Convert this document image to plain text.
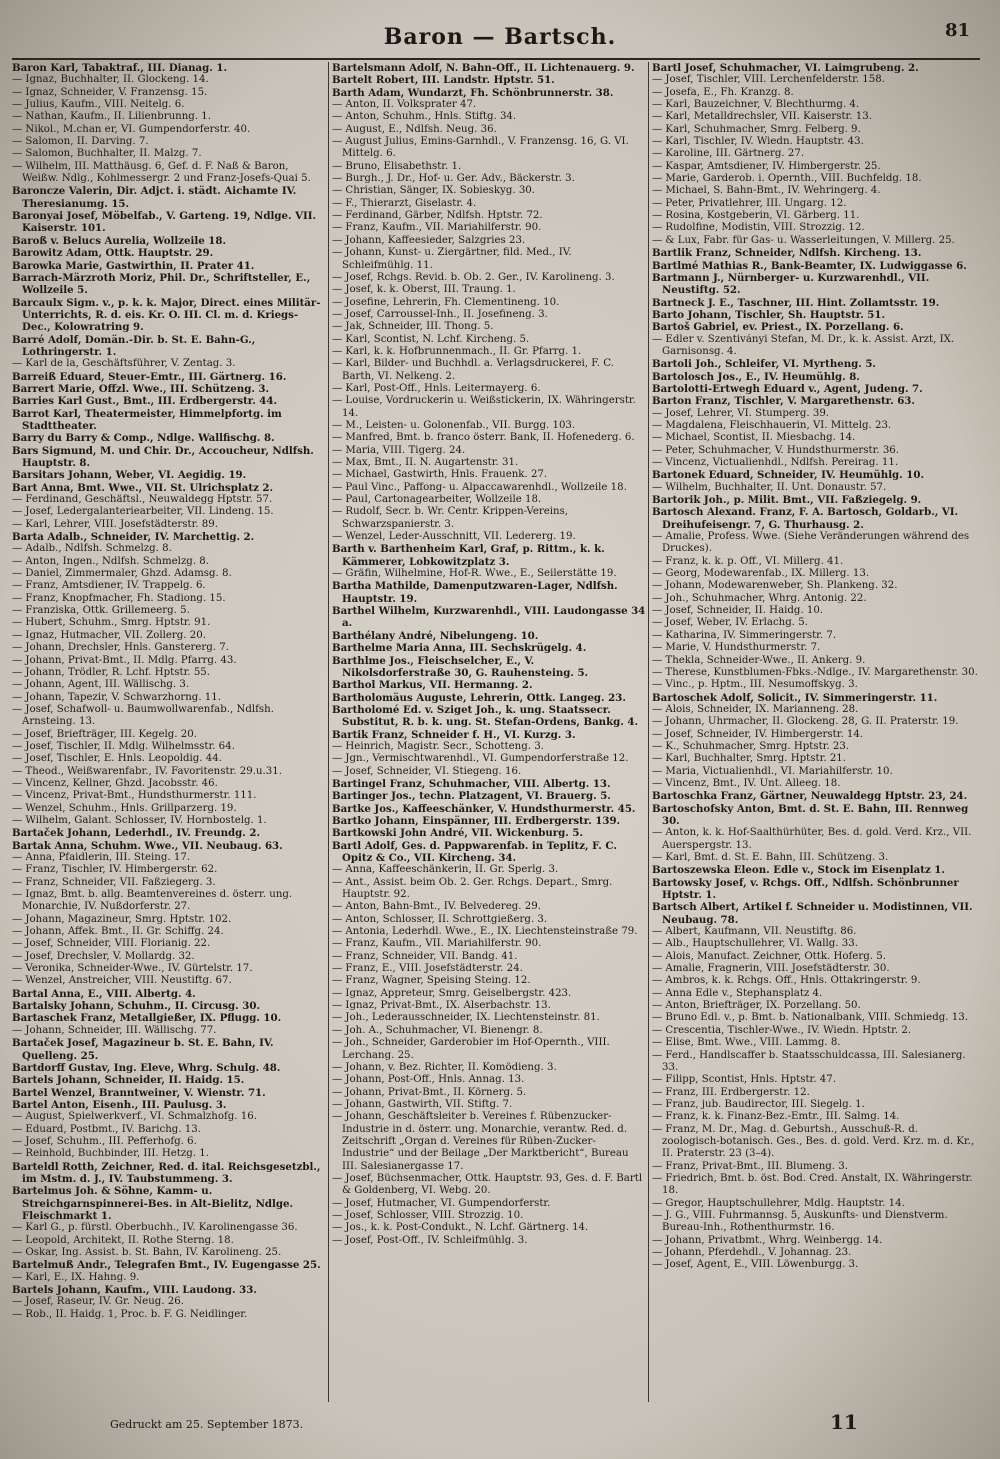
Baron — Bartsch.	81

Baron Karl, Tabaktraf., III. Dianag. 1.

— Ignaz, Buchhalter, II. Glockeng. 14.

— Ignaz, Schneider, V. Franzensg. 15.

— Julius, Kaufm., VIII. Neitelg. 6.

— Nathan, Kaufm., II. Lilienbrunng. 1.

— Nikol., M.chan er, VI. Gumpendorferstr. 40.

— Salomon, II. Darving. 7.

— Salomon, Buchhalter, II. Malzg. 7.

— Wilhelm, III. Matthäusg. 6, Gef. d. F. Naß & Baron, Weißw. Ndlg., Kohlmessergr. 2 und Franz-Josefs-Quai 5.

Baroncze Valerin, Dir. Adjct. i. städt. Aichamte IV. Theresianumg. 15.

Baronyai Josef, Möbelfab., V. Garteng. 19, Ndlge. VII. Kaiserstr. 101.

Baroß v. Belucs Aurelia, Wollzeile 18.

Barowitz Adam, Ottk. Hauptstr. 29.

Barowka Marie, Gastwirthin, II. Prater 41.

Barrach-Märzroth Moriz, Phil. Dr., Schriftsteller, E., Wollzeile 5.

Barcaulx Sigm. v., p. k. k. Major, Direct. eines Militär-Unterrichts, R. d. eis. Kr. O. III. Cl. m. d. Kriegs-Dec., Kolowratring 9.

Barré Adolf, Domän.-Dir. b. St. E. Bahn-G., Lothringerstr. 1.

— Karl de la, Geschäftsführer, V. Zentag. 3.

Barreiß Eduard, Steuer-Emtr., III. Gärtnerg. 16.

Barrert Marie, Offzl. Wwe., III. Schützeng. 3.

Barries Karl Gust., Bmt., III. Erdbergerstr. 44.

Barrot Karl, Theatermeister, Himmelpfortg. im Stadttheater.

Barry du Barry & Comp., Ndlge. Wallfischg. 8.

Bars Sigmund, M. und Chir. Dr., Accoucheur, Ndlfsh. Hauptstr. 8.

Barsitars Johann, Weber, VI. Aegidig. 19.

Bart Anna, Bmt. Wwe., VII. St. Ulrichsplatz 2.

— Ferdinand, Geschäftsl., Neuwaldegg Hptstr. 57.

— Josef, Ledergalanteriearbeiter, VII. Lindeng. 15.

— Karl, Lehrer, VIII. Josefstädterstr. 89.

Barta Adalb., Schneider, IV. Marchettig. 2.

— Adalb., Ndlfsh. Schmelzg. 8.

— Anton, Ingen., Ndlfsh. Schmelzg. 8.

— Daniel, Zimmermaler, Ghzd. Adamsg. 8.

— Franz, Amtsdiener, IV. Trappelg. 6.

— Franz, Knopfmacher, Fh. Stadiong. 15.

— Franziska, Ottk. Grillemeerg. 5.

— Hubert, Schuhm., Smrg. Hptstr. 91.

— Ignaz, Hutmacher, VII. Zollerg. 20.

— Johann, Drechsler, Hnls. Ganstererg. 7.

— Johann, Privat-Bmt., II. Mdlg. Pfarrg. 43.

— Johann, Trödler, R. Lchf. Hptstr. 55.

— Johann, Agent, III. Wällischg. 3.

— Johann, Tapezir, V. Schwarzhorng. 11.

— Josef, Schafwoll- u. Baumwollwarenfab., Ndlfsh. Arnsteing. 13.

— Josef, Briefträger, III. Kegelg. 20.

— Josef, Tischler, II. Mdlg. Wilhelmsstr. 64.

— Josef, Tischler, E. Hnls. Leopoldig. 44.

— Theod., Weißwarenfabr., IV. Favoritenstr. 29.u.31.

— Vincenz, Kellner, Ghzd. Jacobsstr. 46.

— Vincenz, Privat-Bmt., Hundsthurmerstr. 111.

— Wenzel, Schuhm., Hnls. Grillparzerg. 19.

— Wilhelm, Galant. Schlosser, IV. Hornbostelg. 1.

Bartaček Johann, Lederhdl., IV. Freundg. 2.

Bartak Anna, Schuhm. Wwe., VII. Neubaug. 63.

— Anna, Pfaidlerin, III. Steing. 17.

— Franz, Tischler, IV. Himbergerstr. 62.

— Franz, Schneider, VII. Faßziegerg. 3.

— Ignaz, Bmt. b. allg. Beamtenvereines d. österr. ung. Monarchie, IV. Nußdorferstr. 27.

— Johann, Magazineur, Smrg. Hptstr. 102.

— Johann, Affek. Bmt., II. Gr. Schiffg. 24.

— Josef, Schneider, VIII. Florianig. 22.

— Josef, Drechsler, V. Mollardg. 32.

— Veronika, Schneider-Wwe., IV. Gürtelstr. 17.

— Wenzel, Anstreicher, VIII. Neustiftg. 67.

Bartal Anna, E., VIII. Albertg. 4.

Bartalsky Johann, Schuhm., II. Circusg. 30.

Bartaschek Franz, Metallgießer, IX. Pflugg. 10.

— Johann, Schneider, III. Wällischg. 77.

Bartaček Josef, Magazineur b. St. E. Bahn, IV. Quelleng. 25.

Bartdorff Gustav, Ing. Eleve, Whrg. Schulg. 48.

Bartels Johann, Schneider, II. Haidg. 15.

Bartel Wenzel, Branntweiner, V. Wienstr. 71.

Bartel Anton, Eisenh., III. Paulusg. 3.

— August, Spielwerkverf., VI. Schmalzhofg. 16.

— Eduard, Postbmt., IV. Barichg. 13.

— Josef, Schuhm., III. Pefferhofg. 6.

— Reinhold, Buchbinder, III. Hetzg. 1.

Barteldl Rotth, Zeichner, Red. d. ital. Reichsgesetzbl., im Mstm. d. J., IV. Taubstummeng. 3.

Bartelmus Joh. & Söhne, Kamm- u. Streichgarnspinnerei-Bes. in Alt-Bielitz, Ndlge. Fleischmarkt 1.

— Karl G., p. fürstl. Oberbuchh., IV. Karolinengasse 36.

— Leopold, Architekt, II. Rothe Sterng. 18.

— Oskar, Ing. Assist. b. St. Bahn, IV. Karolineng. 25.

Bartelmuß Andr., Telegrafen Bmt., IV. Eugengasse 25.

— Karl, E., IX. Hahng. 9.

Bartels Johann, Kaufm., VIII. Laudong. 33.

— Josef, Raseur, IV. Gr. Neug. 26.

— Rob., II. Haidg. 1, Proc. b. F. G. Neidlinger.

Bartelsmann Adolf, N. Bahn-Off., II. Lichtenauerg. 9.

Bartelt Robert, III. Landstr. Hptstr. 51.

Barth Adam, Wundarzt, Fh. Schönbrunnerstr. 38.

— Anton, II. Volksprater 47.

— Anton, Schuhm., Hnls. Stiftg. 34.

— August, E., Ndlfsh. Neug. 36.

— August Julius, Emins-Garnhdl., V. Franzensg. 16, G. VI. Mittelg. 6.

— Bruno, Elisabethstr. 1.

— Burgh., J. Dr., Hof- u. Ger. Adv., Bäckerstr. 3.

— Christian, Sänger, IX. Sobieskyg. 30.

— F., Thierarzt, Giselastr. 4.

— Ferdinand, Gärber, Ndlfsh. Hptstr. 72.

— Franz, Kaufm., VII. Mariahilferstr. 90.

— Johann, Kaffeesieder, Salzgries 23.

— Johann, Kunst- u. Ziergärtner, fild. Med., IV. Schleifmühlg. 11.

— Josef, Rchgs. Revid. b. Ob. 2. Ger., IV. Karolineng. 3.

— Josef, k. k. Oberst, III. Traung. 1.

— Josefine, Lehrerin, Fh. Clementineng. 10.

— Josef, Carroussel-Inh., II. Josefineng. 3.

— Jak, Schneider, III. Thong. 5.

— Karl, Scontist, N. Lchf. Kircheng. 5.

— Karl, k. k. Hofbrunnenmach., II. Gr. Pfarrg. 1.

— Karl, Bilder- und Buchhdl. a. Verlagsdruckerei, F. C. Barth, VI. Nelkeng. 2.

— Karl, Post-Off., Hnls. Leitermayerg. 6.

— Louise, Vordruckerin u. Weißstickerin, IX. Währingerstr. 14.

— M., Leisten- u. Golonenfab., VII. Burgg. 103.

— Manfred, Bmt. b. franco österr. Bank, II. Hofenederg. 6.

— Maria, VIII. Tigerg. 24.

— Max, Bmt., II. N. Augartenstr. 31.

— Michael, Gastwirth, Hnls. Frauenk. 27.

— Paul Vinc., Paffong- u. Alpaccawarenhdl., Wollzeile 18.

— Paul, Cartonagearbeiter, Wollzeile 18.

— Rudolf, Secr. b. Wr. Centr. Krippen-Vereins, Schwarzspanierstr. 3.

— Wenzel, Leder-Ausschnitt, VII. Ledererg. 19.

Barth v. Barthenheim Karl, Graf, p. Rittm., k. k. Kämmerer, Lobkowitzplatz 3.

— Gräfin, Wilhelmine, Hof-R. Wwe., E., Seilerstätte 19.

Bartha Mathilde, Damenputzwaren-Lager, Ndlfsh. Hauptstr. 19.

Barthel Wilhelm, Kurzwarenhdl., VIII. Laudongasse 34 a.

Barthélany André, Nibelungeng. 10.

Barthelme Maria Anna, III. Sechskrügelg. 4.

Barthlme Jos., Fleischselcher, E., V. Nikolsdorferstraße 30, G. Rauhensteing. 5.

Barthol Markus, VII. Hermanng. 2.

Bartholomäus Auguste, Lehrerin, Ottk. Langeg. 23.

Bartholomé Ed. v. Sziget Joh., k. ung. Staatssecr. Substitut, R. b. k. ung. St. Stefan-Ordens, Bankg. 4.

Bartik Franz, Schneider f. H., VI. Kurzg. 3.

— Heinrich, Magistr. Secr., Schotteng. 3.

— Jgn., Vermischtwarenhdl., VI. Gumpendorferstraße 12.

— Josef, Schneider, VI. Stiegeng. 16.

Bartingel Franz, Schuhmacher, VIII. Albertg. 13.

Bartinger Jos., techn. Platzagent, VI. Brauerg. 5.

Bartke Jos., Kaffeeschänker, V. Hundsthurmerstr. 45.

Bartko Johann, Einspänner, III. Erdbergerstr. 139.

Bartkowski John André, VII. Wickenburg. 5.

Bartl Adolf, Ges. d. Pappwarenfab. in Teplitz, F. C. Opitz & Co., VII. Kircheng. 34.

— Anna, Kaffeeschänkerin, II. Gr. Sperlg. 3.

— Ant., Assist. beim Ob. 2. Ger. Rchgs. Depart., Smrg. Hauptstr. 92.

— Anton, Bahn-Bmt., IV. Belvedereg. 29.

— Anton, Schlosser, II. Schrottgießerg. 3.

— Antonia, Lederhdl. Wwe., E., IX. Liechtensteinstraße 79.

— Franz, Kaufm., VII. Mariahilferstr. 90.

— Franz, Schneider, VII. Bandg. 41.

— Franz, E., VIII. Josefstädterstr. 24.

— Franz, Wagner, Speising Steing. 12.

— Ignaz, Appreteur, Smrg. Geiselbergstr. 423.

— Ignaz, Privat-Bmt., IX. Alserbachstr. 13.

— Joh., Lederausschneider, IX. Liechtensteinstr. 81.

— Joh. A., Schuhmacher, VI. Bienengr. 8.

— Joh., Schneider, Garderobier im Hof-Opernth., VIII. Lerchang. 25.

— Johann, v. Bez. Richter, II. Komödieng. 3.

— Johann, Post-Off., Hnls. Annag. 13.

— Johann, Privat-Bmt., II. Körnerg. 5.

— Johann, Gastwirth, VII. Stiftg. 7.

— Johann, Geschäftsleiter b. Vereines f. Rübenzucker-Industrie in d. österr. ung. Monarchie, verantw. Red. d. Zeitschrift „Organ d. Vereines für Rüben-Zucker-Industrie“ und der Beilage „Der Marktbericht“, Bureau III. Salesianergasse 17.

— Josef, Büchsenmacher, Ottk. Hauptstr. 93, Ges. d. F. Bartl & Goldenberg, VI. Webg. 20.

— Josef, Hutmacher, VI. Gumpendorferstr.

— Josef, Schlosser, VIII. Strozzig. 10.

— Jos., k. k. Post-Condukt., N. Lchf. Gärtnerg. 14.

— Josef, Post-Off., IV. Schleifmühlg. 3.

Bartl Josef, Schuhmacher, VI. Laimgrubeng. 2.

— Josef, Tischler, VIII. Lerchenfelderstr. 158.

— Josefa, E., Fh. Kranzg. 8.

— Karl, Bauzeichner, V. Blechthurmg. 4.

— Karl, Metalldrechsler, VII. Kaiserstr. 13.

— Karl, Schuhmacher, Smrg. Felberg. 9.

— Karl, Tischler, IV. Wiedn. Hauptstr. 43.

— Karoline, III. Gärtnerg. 27.

— Kaspar, Amtsdiener, IV. Himbergerstr. 25.

— Marie, Garderob. i. Opernth., VIII. Buchfeldg. 18.

— Michael, S. Bahn-Bmt., IV. Wehringerg. 4.

— Peter, Privatlehrer, III. Ungarg. 12.

— Rosina, Kostgeberin, VI. Gärberg. 11.

— Rudolfine, Modistin, VIII. Strozzig. 12.

— & Lux, Fabr. für Gas- u. Wasserleitungen, V. Millerg. 25.

Bartlik Franz, Schneider, Ndlfsh. Kircheng. 13.

Bartlmé Mathias R., Bank-Beamter, IX. Ludwiggasse 6.

Bartmann J., Nürnberger- u. Kurzwarenhdl., VII. Neustiftg. 52.

Bartneck J. E., Taschner, III. Hint. Zollamtsstr. 19.

Barto Johann, Tischler, Sh. Hauptstr. 51.

Bartoš Gabriel, ev. Priest., IX. Porzellang. 6.

— Edler v. Szentiványi Stefan, M. Dr., k. k. Assist. Arzt, IX. Garnisonsg. 4.

Bartoli Joh., Schleifer, VI. Myrtheng. 5.

Bartolosch Jos., E., IV. Heumühlg. 8.

Bartolotti-Ertwegh Eduard v., Agent, Judeng. 7.

Barton Franz, Tischler, V. Margarethenstr. 63.

— Josef, Lehrer, VI. Stumperg. 39.

— Magdalena, Fleischhauerin, VI. Mittelg. 23.

— Michael, Scontist, II. Miesbachg. 14.

— Peter, Schuhmacher, V. Hundsthurmerstr. 36.

— Vincenz, Victualienhdl., Ndlfsh. Pereirag. 11.

Bartonek Eduard, Schneider, IV. Heumühlg. 10.

— Wilhelm, Buchhalter, II. Unt. Donaustr. 57.

Bartorik Joh., p. Milit. Bmt., VII. Faßziegelg. 9.

Bartosch Alexand. Franz, F. A. Bartosch, Goldarb., VI. Dreihufeisengr. 7, G. Thurhausg. 2.

— Amalie, Profess. Wwe. (Siehe Veränderungen während des Druckes).

— Franz, k. k. p. Off., VI. Millerg. 41.

— Georg, Modewarenfab., IX. Millerg. 13.

— Johann, Modewarenweber, Sh. Plankeng. 32.

— Joh., Schuhmacher, Whrg. Antonig. 22.

— Josef, Schneider, II. Haidg. 10.

— Josef, Weber, IV. Erlachg. 5.

— Katharina, IV. Simmeringerstr. 7.

— Marie, V. Hundsthurmerstr. 7.

— Thekla, Schneider-Wwe., II. Ankerg. 9.

— Therese, Kunstblumen-Fbks.-Ndlge., IV. Margarethenstr. 30.

— Vinc., p. Hptm., III. Nesumoffskyg. 3.

Bartoschek Adolf, Solicit., IV. Simmeringerstr. 11.

— Alois, Schneider, IX. Marianneng. 28.

— Johann, Uhrmacher, II. Glockeng. 28, G. II. Praterstr. 19.

— Josef, Schneider, IV. Himbergerstr. 14.

— K., Schuhmacher, Smrg. Hptstr. 23.

— Karl, Buchhalter, Smrg. Hptstr. 21.

— Maria, Victualienhdl., VI. Mariahilferstr. 10.

— Vincenz, Bmt., IV. Unt. Alleeg. 18.

Bartoschka Franz, Gärtner, Neuwaldegg Hptstr. 23, 24.

Bartoschofsky Anton, Bmt. d. St. E. Bahn, III. Rennweg 30.

— Anton, k. k. Hof-Saalthürhüter, Bes. d. gold. Verd. Krz., VII. Auerspergstr. 13.

— Karl, Bmt. d. St. E. Bahn, III. Schützeng. 3.

Bartoszewska Eleon. Edle v., Stock im Eisenplatz 1.

Bartowsky Josef, v. Rchgs. Off., Ndlfsh. Schönbrunner Hptstr. 1.

Bartsch Albert, Artikel f. Schneider u. Modistinnen, VII. Neubaug. 78.

— Albert, Kaufmann, VII. Neustiftg. 86.

— Alb., Hauptschullehrer, VI. Wallg. 33.

— Alois, Manufact. Zeichner, Ottk. Hoferg. 5.

— Amalie, Fragnerin, VIII. Josefstädterstr. 30.

— Ambros, k. k. Rchgs. Off., Hnls. Ottakringerstr. 9.

— Anna Edle v., Stephansplatz 4.

— Anton, Briefträger, IX. Porzellang. 50.

— Bruno Edl. v., p. Bmt. b. Nationalbank, VIII. Schmiedg. 13.

— Crescentia, Tischler-Wwe., IV. Wiedn. Hptstr. 2.

— Elise, Bmt. Wwe., VIII. Lammg. 8.

— Ferd., Handlscaffer b. Staatsschuldcassa, III. Salesianerg. 33.

— Filipp, Scontist, Hnls. Hptstr. 47.

— Franz, III. Erdbergerstr. 12.

— Franz, jub. Baudirector, III. Siegelg. 1.

— Franz, k. k. Finanz-Bez.-Emtr., III. Salmg. 14.

— Franz, M. Dr., Mag. d. Geburtsh., Ausschuß-R. d. zoologisch-botanisch. Ges., Bes. d. gold. Verd. Krz. m. d. Kr., II. Praterstr. 23 (3–4).

— Franz, Privat-Bmt., III. Blumeng. 3.

— Friedrich, Bmt. b. öst. Bod. Cred. Anstalt, IX. Währingerstr. 18.

— Gregor, Hauptschullehrer, Mdlg. Hauptstr. 14.

— J. G., VIII. Fuhrmannsg. 5, Auskunfts- und Dienstverm. Bureau-Inh., Rothenthurmstr. 16.

— Johann, Privatbmt., Whrg. Weinbergg. 14.

— Johann, Pferdehdl., V. Johannag. 23.

— Josef, Agent, E., VIII. Löwenburgg. 3.

Gedruckt am 25. September 1873.	11
